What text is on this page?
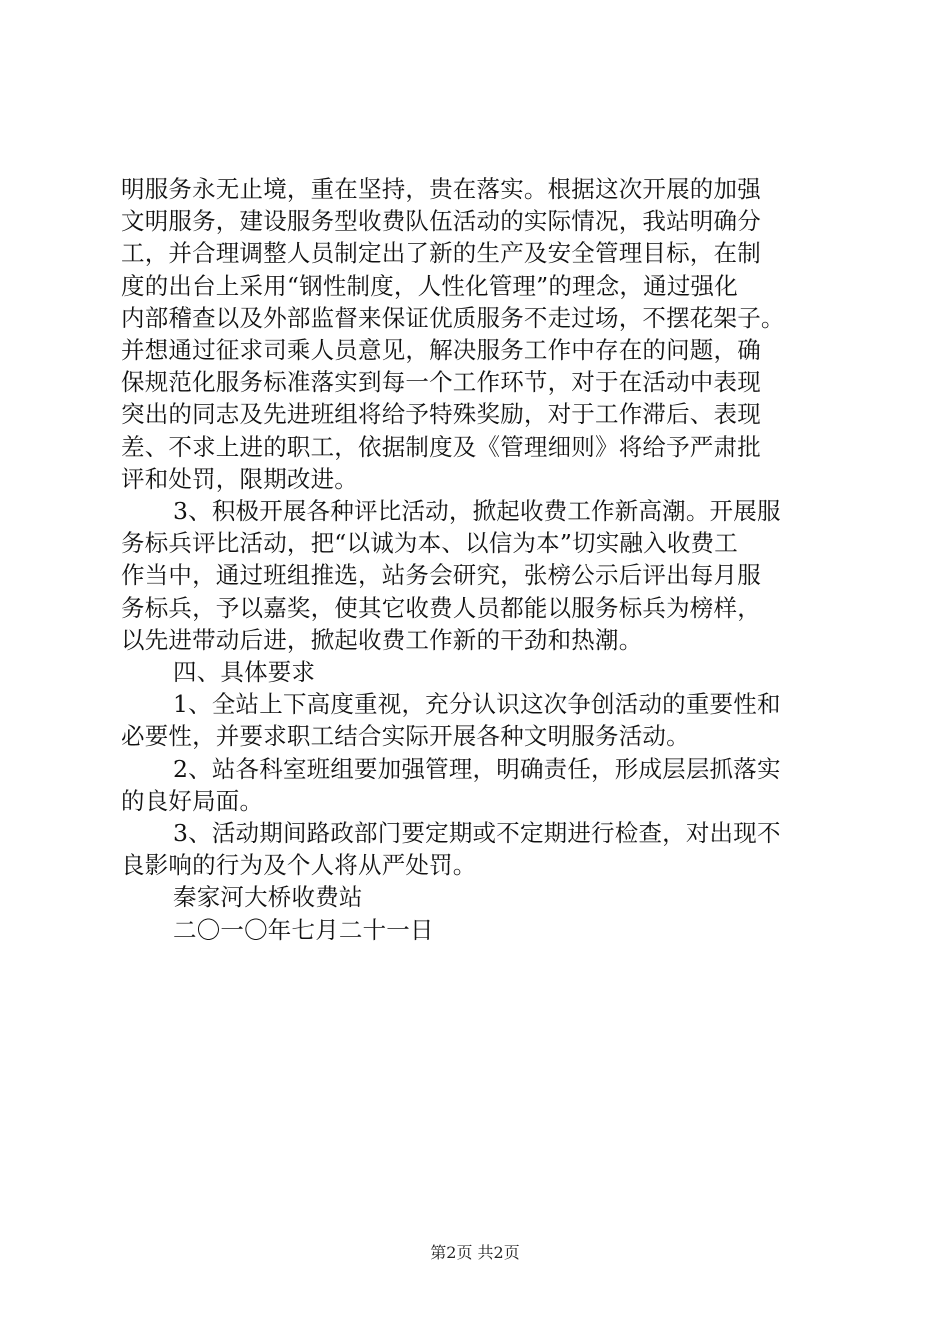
明服务永无止境，重在坚持，贵在落实。根据这次开展的加强
文明服务，建设服务型收费队伍活动的实际情况，我站明确分
工，并合理调整人员制定出了新的生产及安全管理目标，在制
度的出台上采用“钢性制度，人性化管理”的理念，通过强化
内部稽查以及外部监督来保证优质服务不走过场，不摆花架子。
并想通过征求司乘人员意见，解决服务工作中存在的问题，确
保规范化服务标准落实到每一个工作环节，对于在活动中表现
突出的同志及先进班组将给予特殊奖励，对于工作滞后、表现
差、不求上进的职工，依据制度及《管理细则》将给予严肃批
评和处罚，限期改进。
3、积极开展各种评比活动，掀起收费工作新高潮。开展服
务标兵评比活动，把“以诚为本、以信为本”切实融入收费工
作当中，通过班组推选，站务会研究，张榜公示后评出每月服
务标兵，予以嘉奖，使其它收费人员都能以服务标兵为榜样，
以先进带动后进，掀起收费工作新的干劲和热潮。
四、具体要求
1、全站上下高度重视，充分认识这次争创活动的重要性和
必要性，并要求职工结合实际开展各种文明服务活动。
2、站各科室班组要加强管理，明确责任，形成层层抓落实
的良好局面。
3、活动期间路政部门要定期或不定期进行检查，对出现不
良影响的行为及个人将从严处罚。
秦家河大桥收费站
二〇一〇年七月二十一日
第2页 共2页
